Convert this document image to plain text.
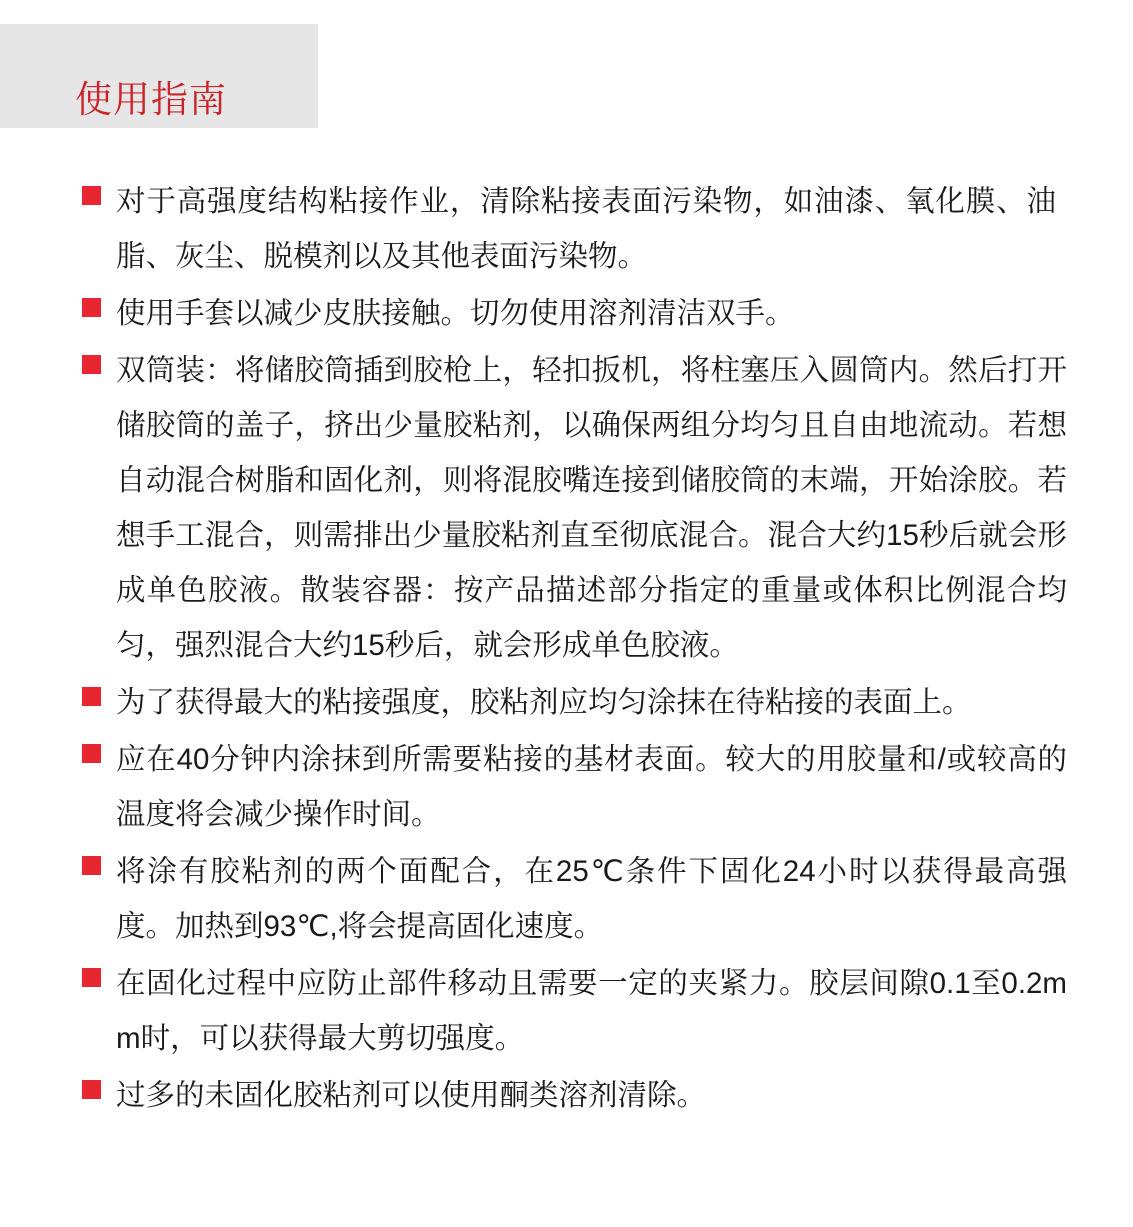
使用指南
对于高强度结构粘接作业，清除粘接表面污染物，如油漆、氧化膜、油脂、灰尘、脱模剂以及其他表面污染物。
使用手套以减少皮肤接触。切勿使用溶剂清洁双手。
双筒装：将储胶筒插到胶枪上，轻扣扳机，将柱塞压入圆筒内。然后打开储胶筒的盖子，挤出少量胶粘剂，以确保两组分均匀且自由地流动。若想自动混合树脂和固化剂，则将混胶嘴连接到储胶筒的末端，开始涂胶。若想手工混合，则需排出少量胶粘剂直至彻底混合。混合大约15秒后就会形成单色胶液。散装容器：按产品描述部分指定的重量或体积比例混合均匀，强烈混合大约15秒后，就会形成单色胶液。
为了获得最大的粘接强度，胶粘剂应均匀涂抹在待粘接的表面上。
应在40分钟内涂抹到所需要粘接的基材表面。较大的用胶量和/或较高的温度将会减少操作时间。
将涂有胶粘剂的两个面配合，在25℃条件下固化24小时以获得最高强度。加热到93℃,将会提高固化速度。
在固化过程中应防止部件移动且需要一定的夹紧力。胶层间隙0.1至0.2mm时，可以获得最大剪切强度。
过多的未固化胶粘剂可以使用酮类溶剂清除。
